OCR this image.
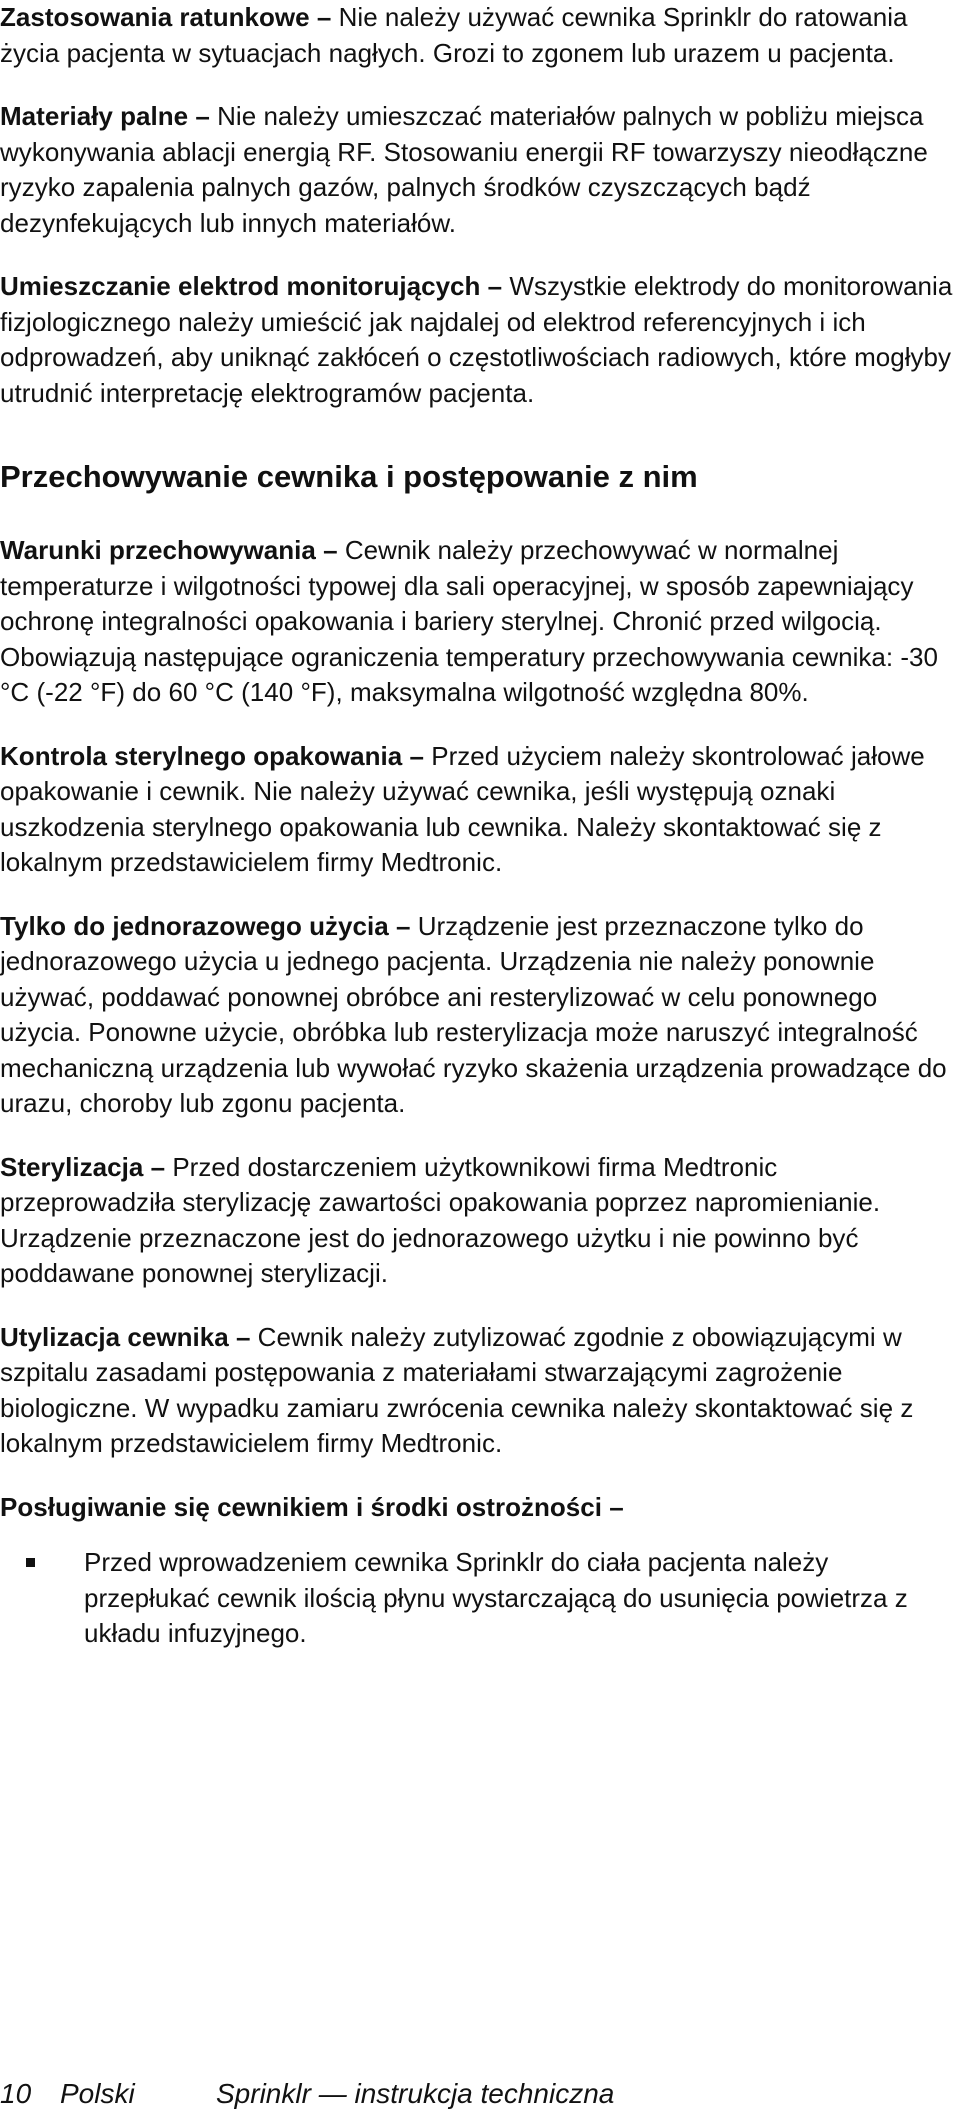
Zastosowania ratunkowe – Nie należy używać cewnika Sprinklr do ratowania życia pacjenta w sytuacjach nagłych. Grozi to zgonem lub urazem u pacjenta.

Materiały palne – Nie należy umieszczać materiałów palnych w pobliżu miejsca wykonywania ablacji energią RF. Stosowaniu energii RF towarzyszy nieodłączne ryzyko zapalenia palnych gazów, palnych środków czyszczących bądź dezynfekujących lub innych materiałów.

Umieszczanie elektrod monitorujących – Wszystkie elektrody do monitorowania fizjologicznego należy umieścić jak najdalej od elektrod referencyjnych i ich odprowadzeń, aby uniknąć zakłóceń o częstotliwościach radiowych, które mogłyby utrudnić interpretację elektrogramów pacjenta.

Przechowywanie cewnika i postępowanie z nim

Warunki przechowywania – Cewnik należy przechowywać w normalnej temperaturze i wilgotności typowej dla sali operacyjnej, w sposób zapewniający ochronę integralności opakowania i bariery sterylnej. Chronić przed wilgocią. Obowiązują następujące ograniczenia temperatury przechowywania cewnika: -30 °C (-22 °F) do 60 °C (140 °F), maksymalna wilgotność względna 80%.

Kontrola sterylnego opakowania – Przed użyciem należy skontrolować jałowe opakowanie i cewnik. Nie należy używać cewnika, jeśli występują oznaki uszkodzenia sterylnego opakowania lub cewnika. Należy skontaktować się z lokalnym przedstawicielem firmy Medtronic.

Tylko do jednorazowego użycia – Urządzenie jest przeznaczone tylko do jednorazowego użycia u jednego pacjenta. Urządzenia nie należy ponownie używać, poddawać ponownej obróbce ani resterylizować w celu ponownego użycia. Ponowne użycie, obróbka lub resterylizacja może naruszyć integralność mechaniczną urządzenia lub wywołać ryzyko skażenia urządzenia prowadzące do urazu, choroby lub zgonu pacjenta.

Sterylizacja – Przed dostarczeniem użytkownikowi firma Medtronic przeprowadziła sterylizację zawartości opakowania poprzez napromienianie. Urządzenie przeznaczone jest do jednorazowego użytku i nie powinno być poddawane ponownej sterylizacji.

Utylizacja cewnika – Cewnik należy zutylizować zgodnie z obowiązującymi w szpitalu zasadami postępowania z materiałami stwarzającymi zagrożenie biologiczne. W wypadku zamiaru zwrócenia cewnika należy skontaktować się z lokalnym przedstawicielem firmy Medtronic.

Posługiwanie się cewnikiem i środki ostrożności –

Przed wprowadzeniem cewnika Sprinklr do ciała pacjenta należy przepłukać cewnik ilością płynu wystarczającą do usunięcia powietrza z układu infuzyjnego.
10 Polski	Sprinklr — instrukcja techniczna
